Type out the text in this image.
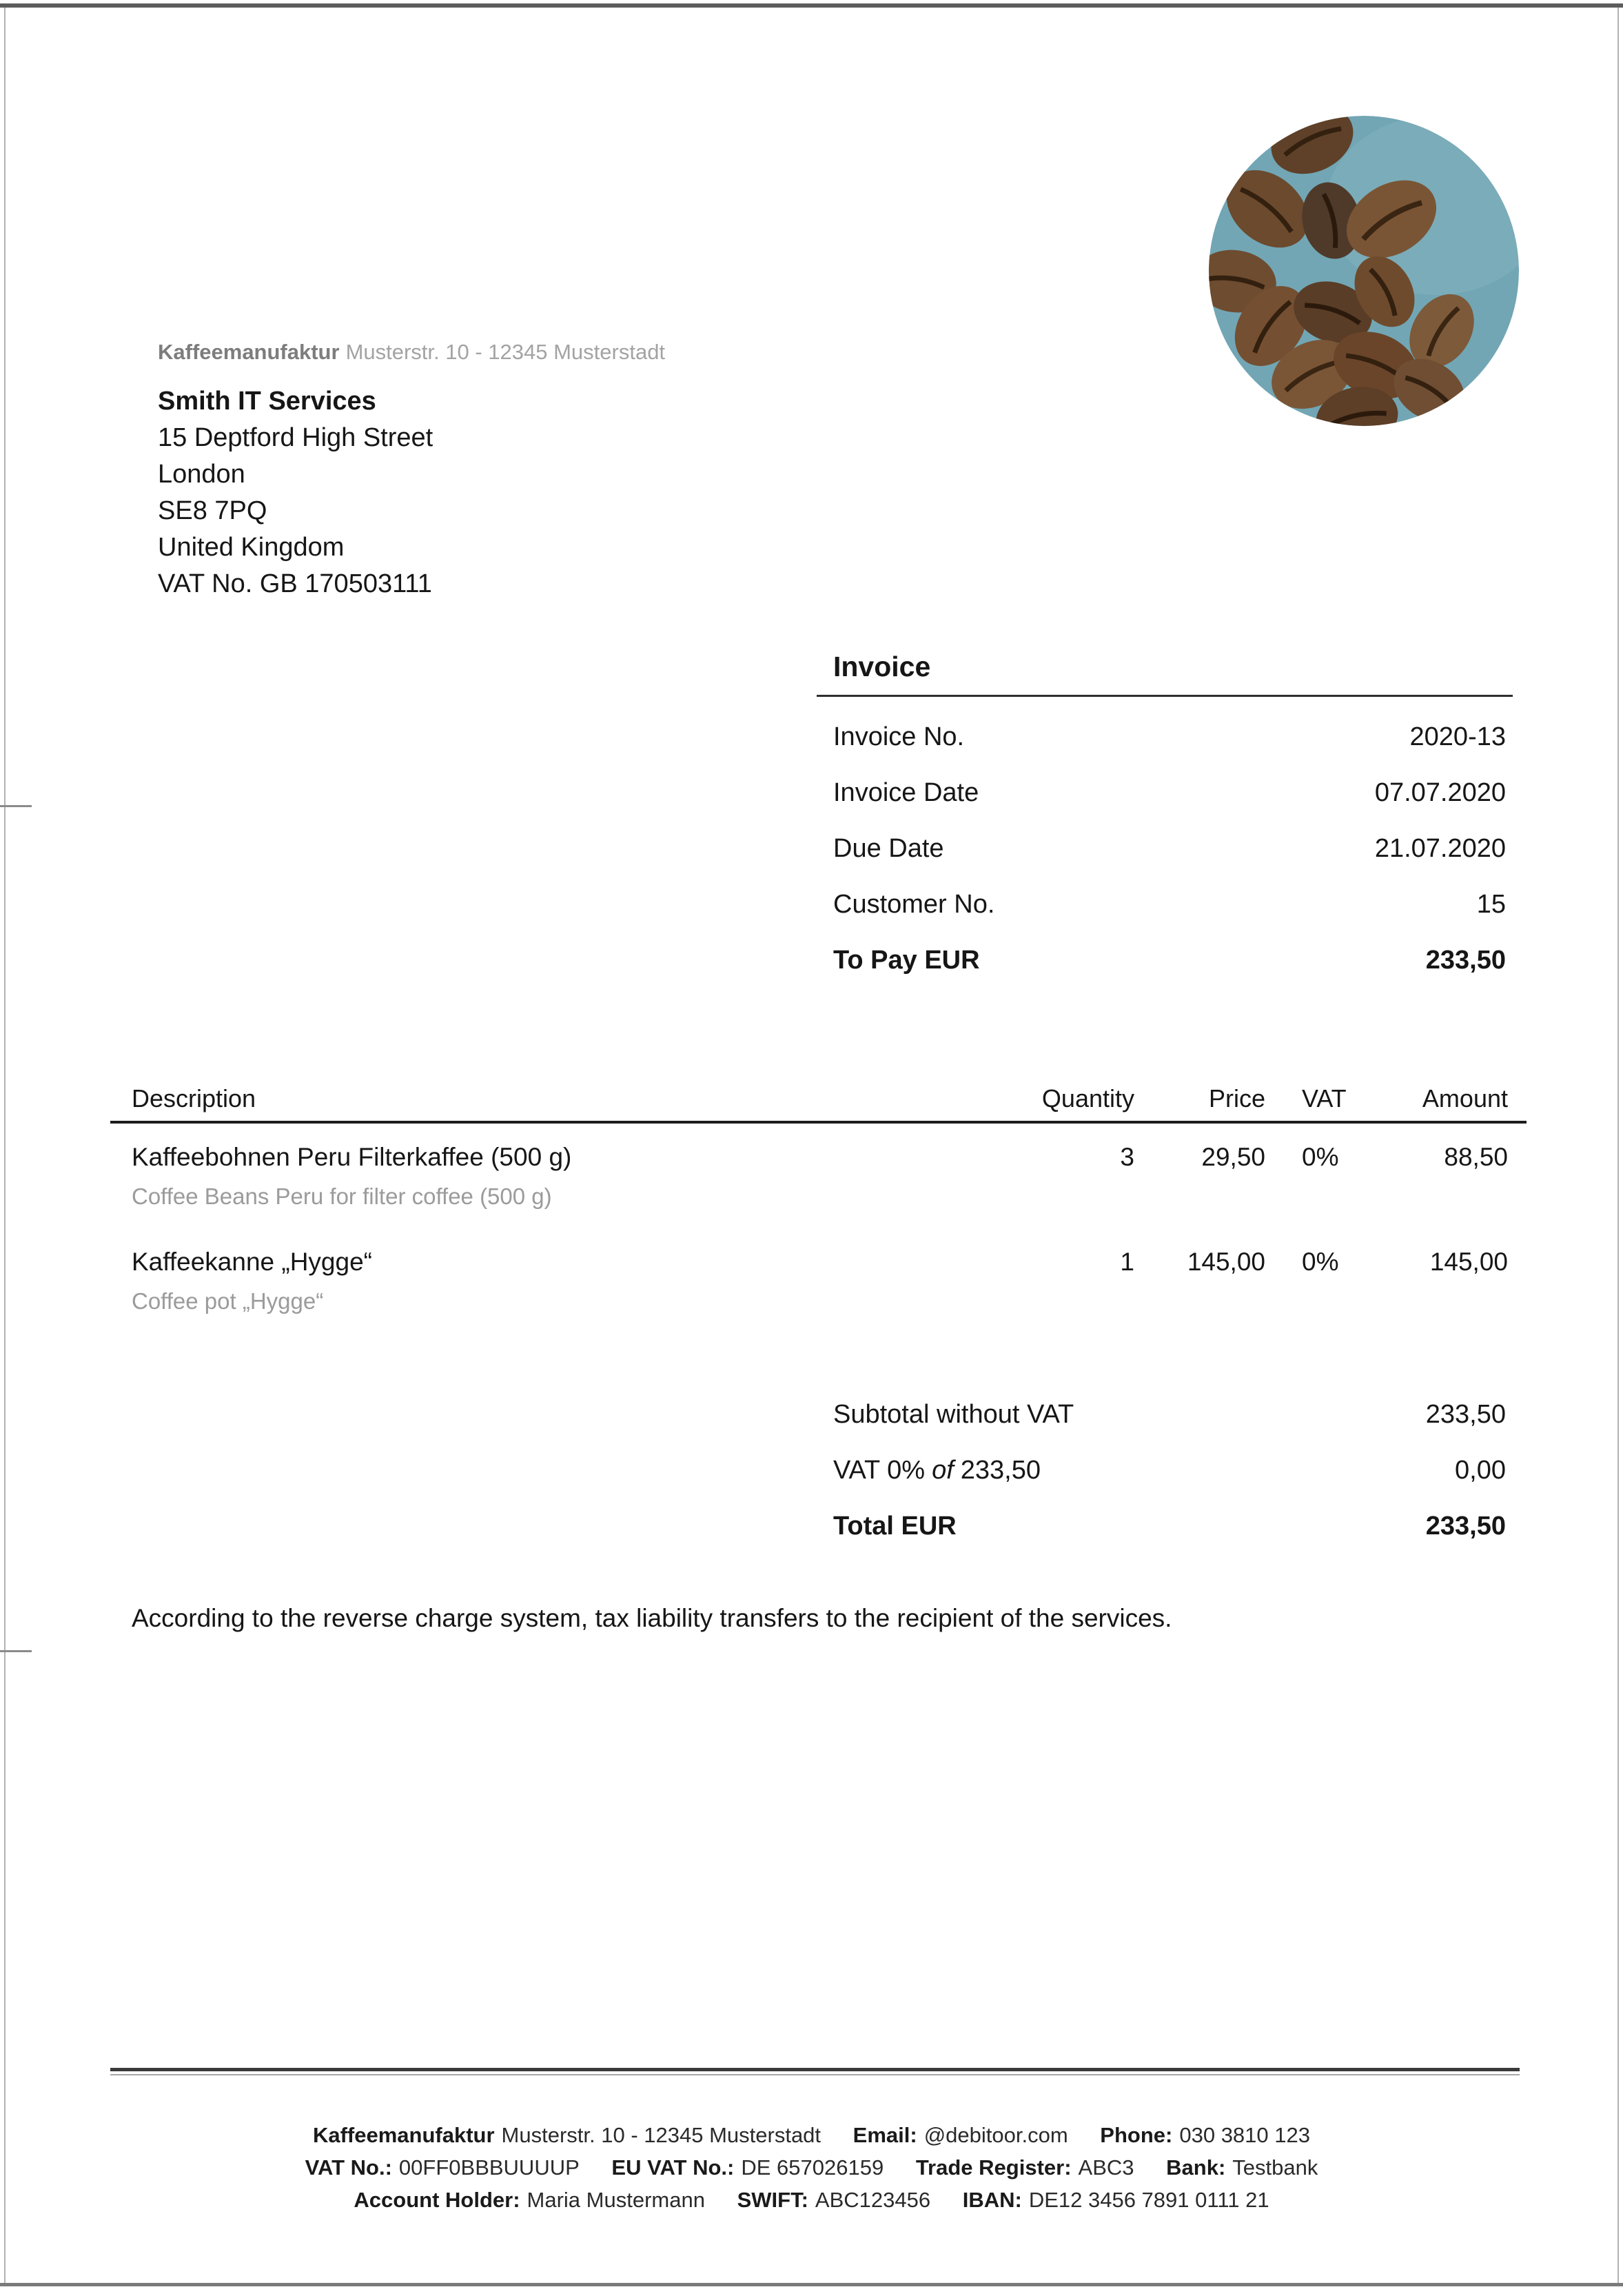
Kaffeemanufaktur Musterstr. 10 - 12345 Musterstadt
Smith IT Services
15 Deptford High Street
London
SE8 7PQ
United Kingdom
VAT No. GB 170503111
Invoice
Invoice No.	2020-13
Invoice Date	07.07.2020
Due Date	21.07.2020
Customer No.	15
To Pay EUR	233,50
Description	Quantity	Price	VAT	Amount
Kaffeebohnen Peru Filterkaffee (500 g)	3	29,50	0%	88,50
Coffee Beans Peru for filter coffee (500 g)
Kaffeekanne „Hygge“	1	145,00	0%	145,00
Coffee pot „Hygge“
Subtotal without VAT	233,50
VAT 0% of 233,50	0,00
Total EUR	233,50
According to the reverse charge system, tax liability transfers to the recipient of the services.
Kaffeemanufaktur Musterstr. 10 - 12345 Musterstadt Email: @debitoor.com Phone: 030 3810 123
VAT No.: 00FF0BBBUUUUP EU VAT No.: DE 657026159 Trade Register: ABC3 Bank: Testbank
Account Holder: Maria Mustermann SWIFT: ABC123456 IBAN: DE12 3456 7891 0111 21
